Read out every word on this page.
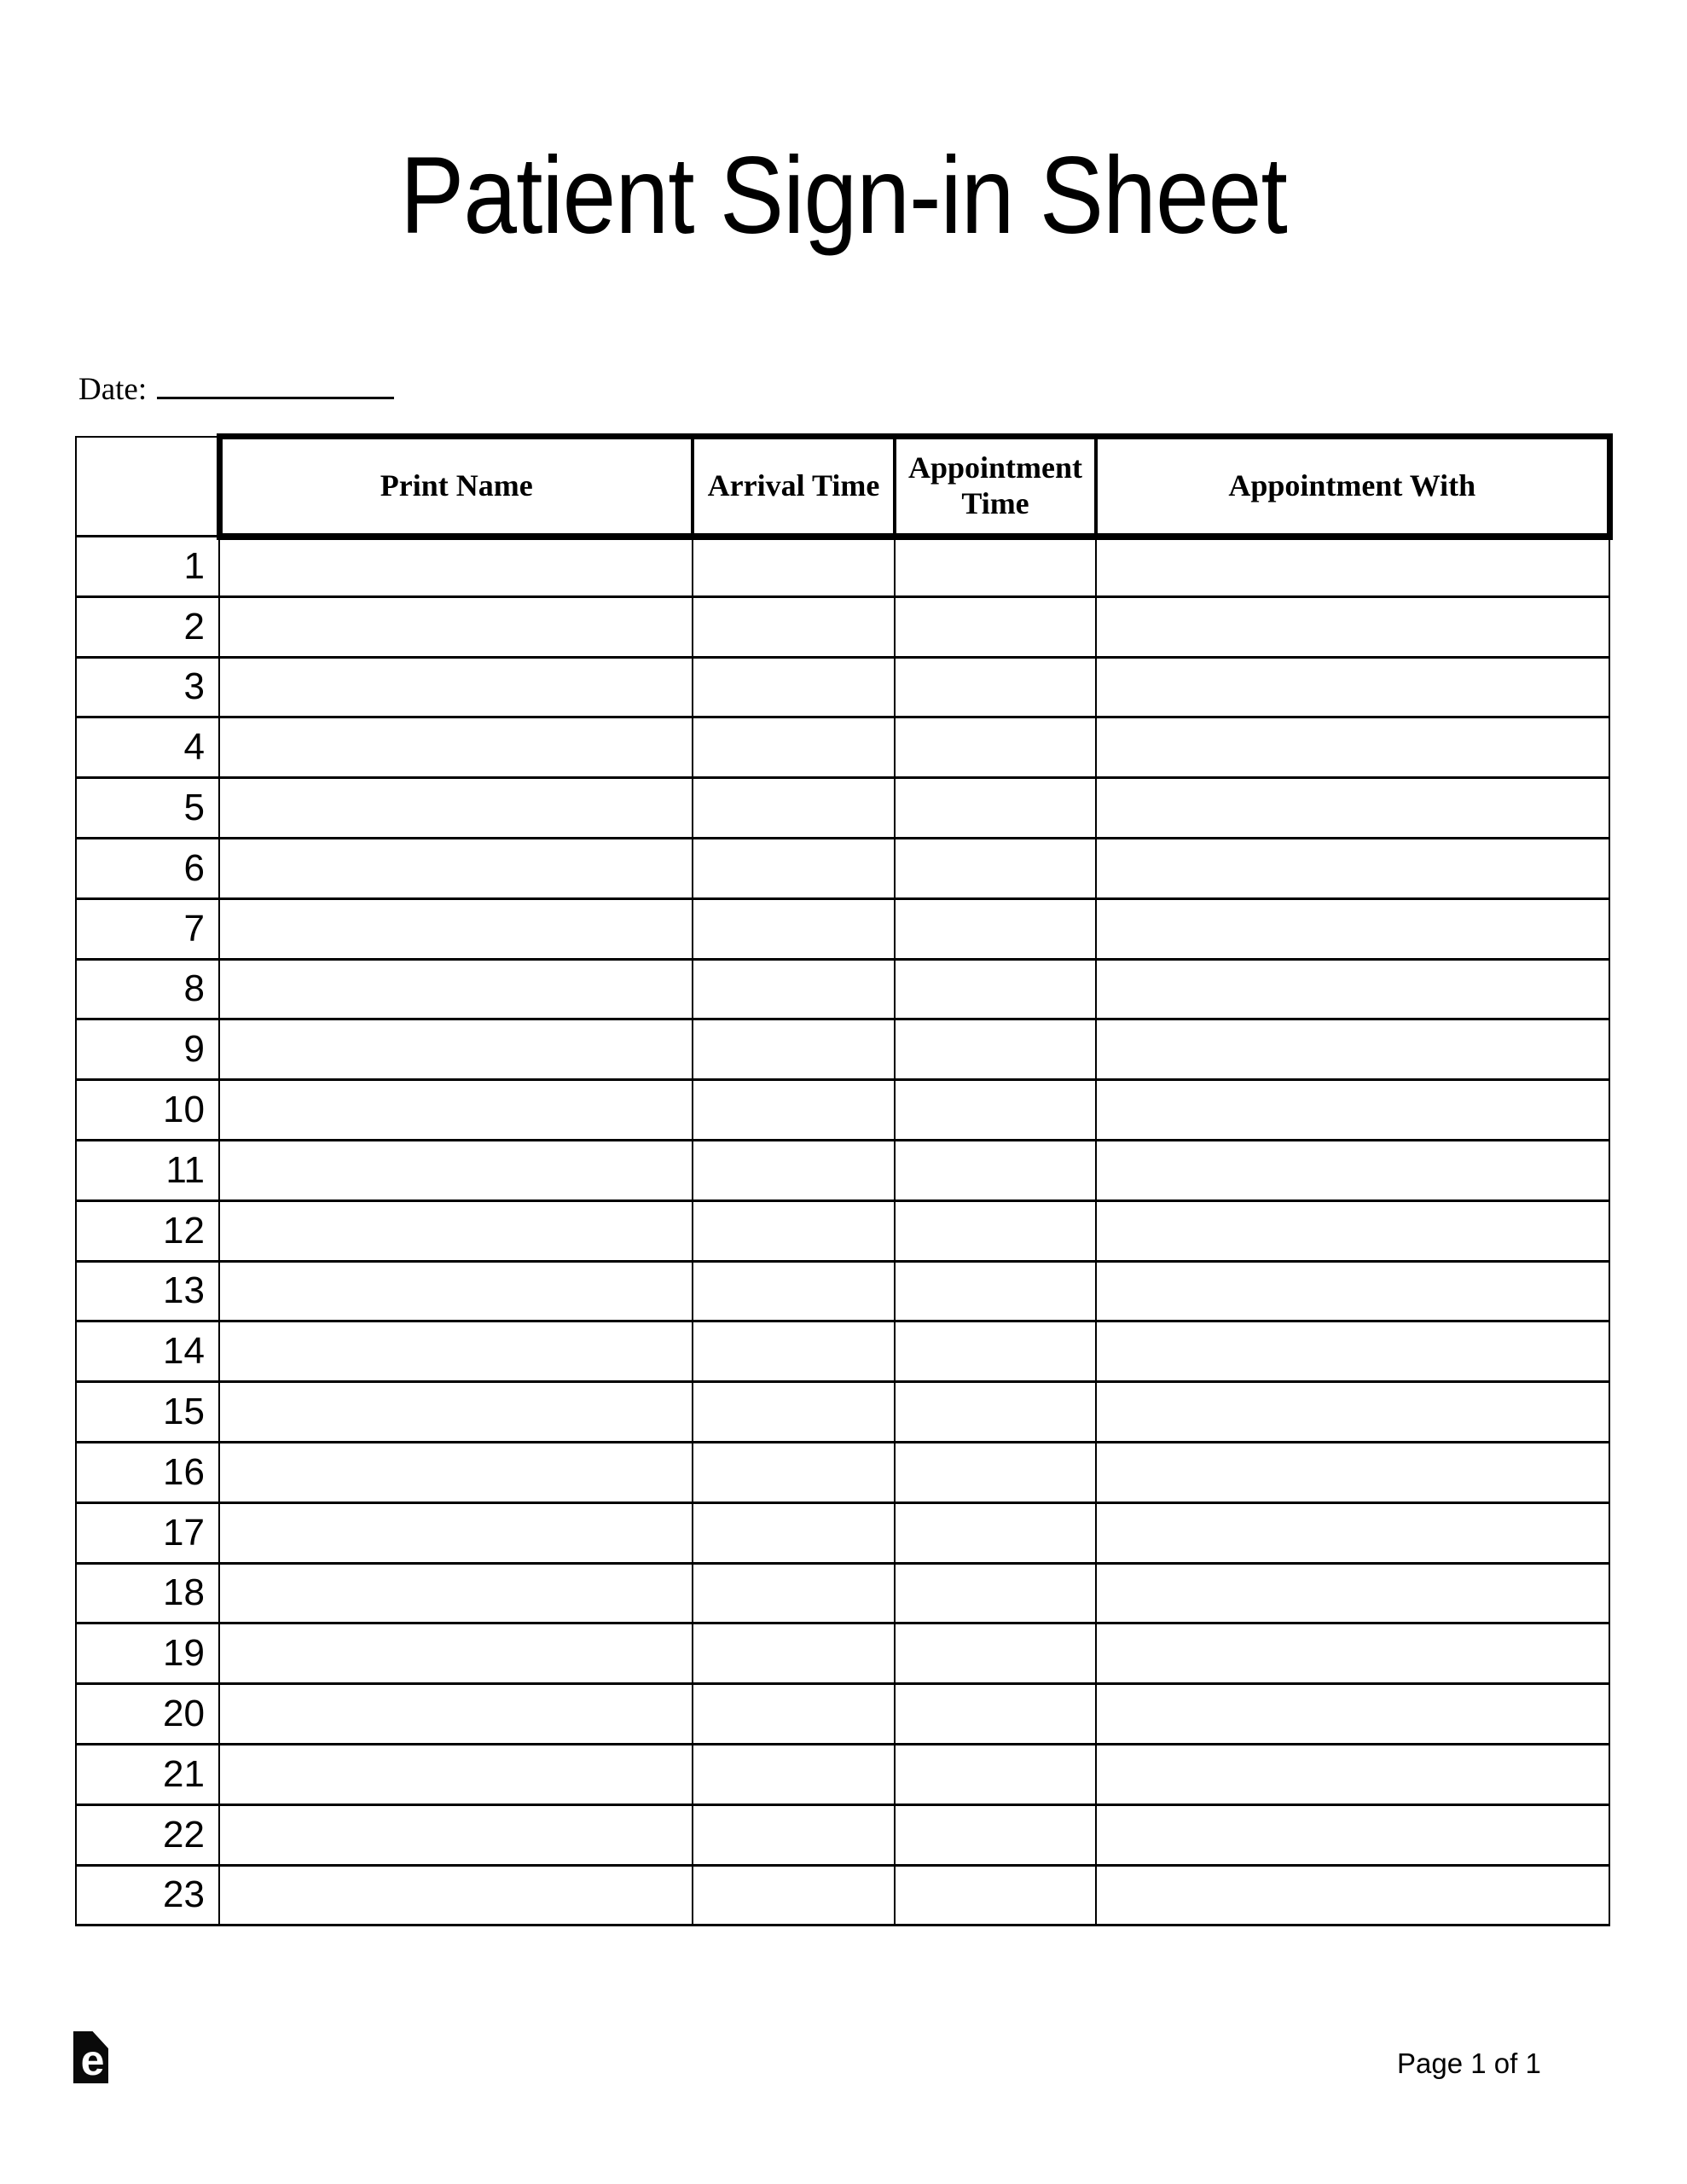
Patient Sign-in Sheet
Date:
	Print Name	Arrival Time	Appointment Time	Appointment With
1				
2				
3				
4				
5				
6				
7				
8				
9				
10				
11				
12				
13				
14				
15				
16				
17				
18				
19				
20				
21				
22				
23				
e	Page 1 of 1
